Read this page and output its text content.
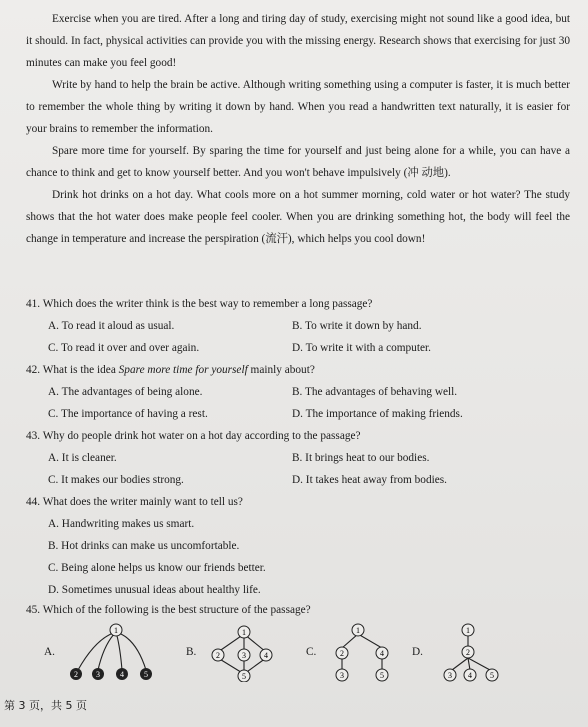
Exercise when you are tired. After a long and tiring day of study, exercising might not sound like a good idea, but it should. In fact, physical activities can provide you with the missing energy. Research shows that exercising for just 30 minutes can make you feel good!

Write by hand to help the brain be active. Although writing something using a computer is faster, it is much better to remember the whole thing by writing it down by hand. When you read a handwritten text naturally, it is easier for your brains to remember the information.

Spare more time for yourself. By sparing the time for yourself and just being alone for a while, you can have a chance to think and get to know yourself better. And you won't behave impulsively (冲 动地).

Drink hot drinks on a hot day. What cools more on a hot summer morning, cold water or hot water? The study shows that the hot water does make people feel cooler. When you are drinking something hot, the body will feel the change in temperature and increase the perspiration (流汗), which helps you cool down!

41. Which does the writer think is the best way to remember a long passage?
A. To read it aloud as usual.	B. To write it down by hand.
C. To read it over and over again.	D. To write it with a computer.
42. What is the idea Spare more time for yourself mainly about?
A. The advantages of being alone.	B. The advantages of behaving well.
C. The importance of having a rest.	D. The importance of making friends.
43. Why do people drink hot water on a hot day according to the passage?
A. It is cleaner.	B. It brings heat to our bodies.
C. It makes our bodies strong.	D. It takes heat away from bodies.
44. What does the writer mainly want to tell us?
A. Handwriting makes us smart.
B. Hot drinks can make us uncomfortable.
C. Being alone helps us know our friends better.
D. Sometimes unusual ideas about healthy life.
45. Which of the following is the best structure of the passage?
A.
1
2 3	4	5
B.
1
2	3 4
5
C.
1
2
3
4
5
D.
1
2
3 4 5
第 3 页，共 5 页
